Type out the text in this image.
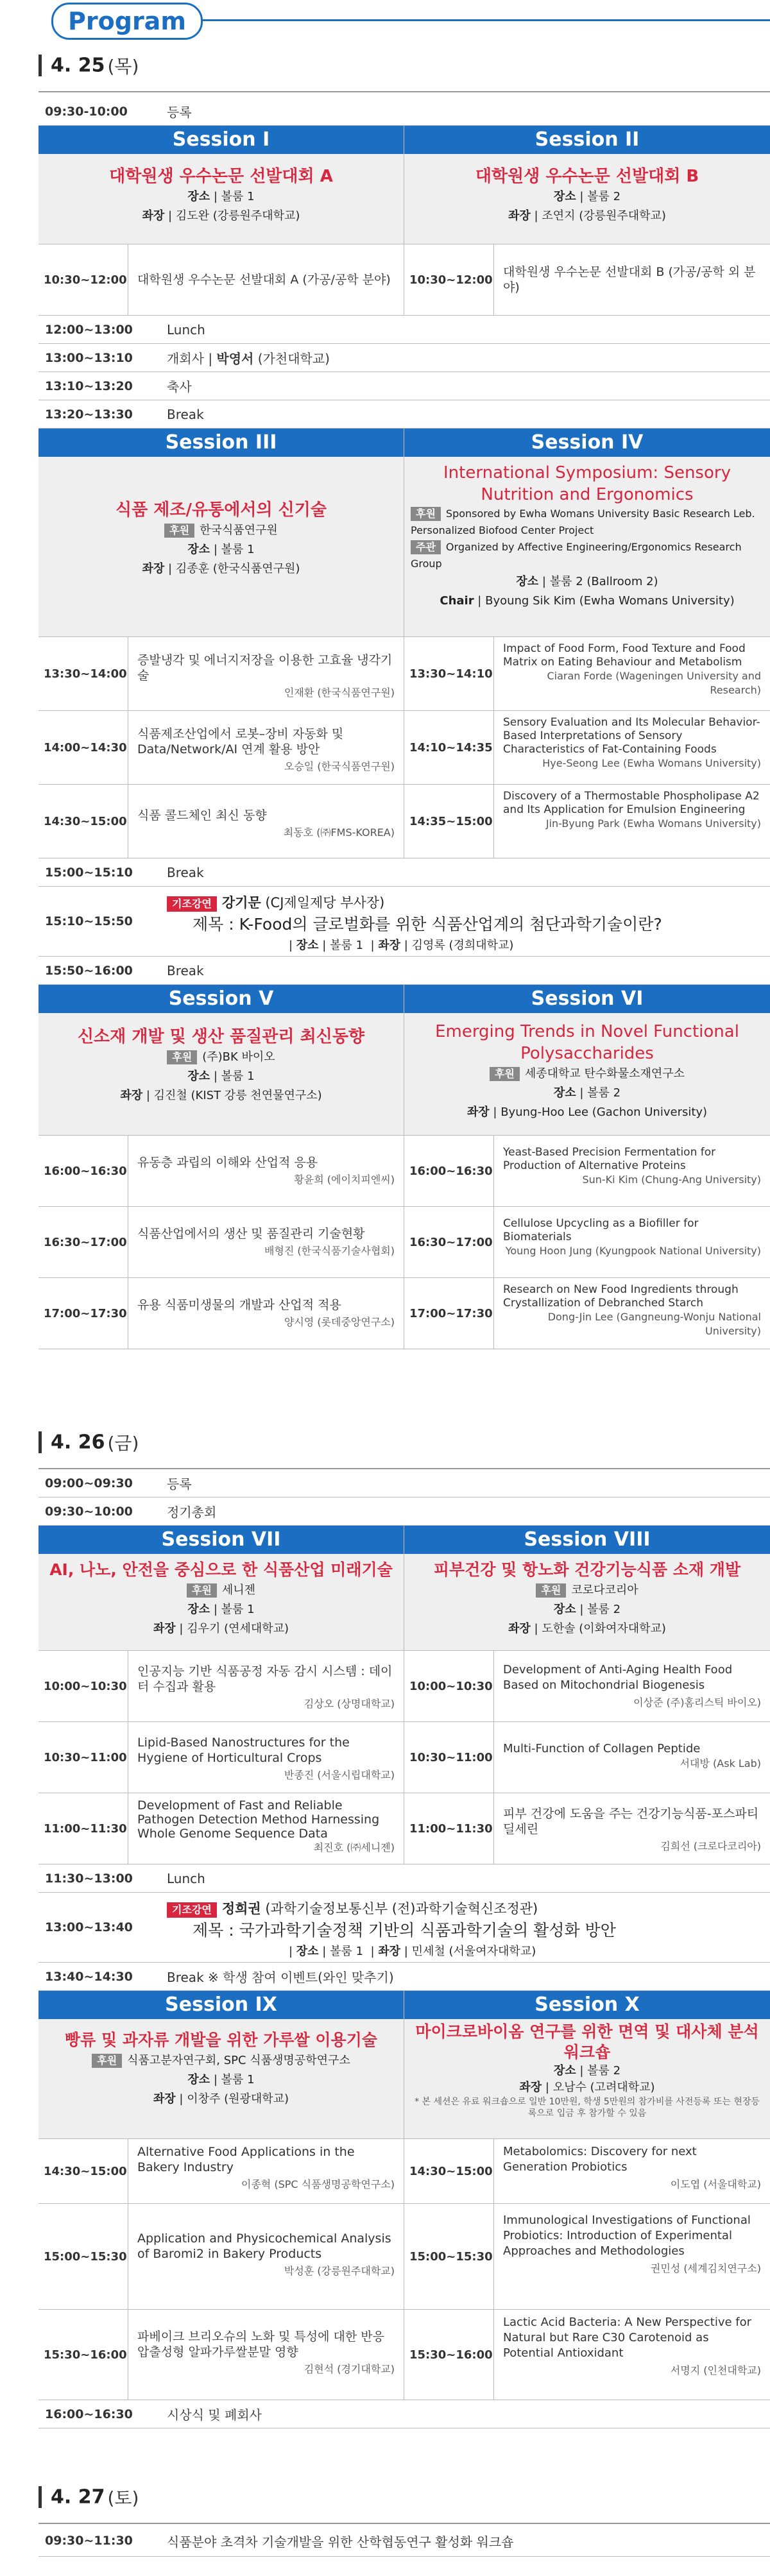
Program
4. 25 (목)
09:30-10:00	등록
Session I
대학원생 우수논문 선발대회 A
장소 | 볼룸 1
좌장 | 김도완 (강릉원주대학교)
10:30~12:00 대학원생 우수논문 선발대회 A (가공/공학 분야)
Session II
대학원생 우수논문 선발대회 B
장소 | 볼룸 2
좌장 | 조연지 (강릉원주대학교)
10:30~12:00
대학원생 우수논문 선발대회 B (가공/공학 외 분야)
12:00~13:00	Lunch
13:00~13:10	개회사 | 박영서 (가천대학교)
13:10~13:20	축사
13:20~13:30	Break
Session III
식품 제조/유통에서의 신기술
후원 한국식품연구원
장소 | 볼룸 1
좌장 | 김종훈 (한국식품연구원)
13:30~14:00
증발냉각 및 에너지저장을 이용한 고효율 냉각기술
인재환 (한국식품연구원)
14:00~14:30
식품제조산업에서 로봇–장비 자동화 및 Data/Network/AI 연계 활용 방안
오승일 (한국식품연구원)
14:30~15:00 식품 콜드체인 최신 동향
최동호 (㈜FMS-KOREA)
Session IV
International Symposium: Sensory Nutrition and Ergonomics
후원 Sponsored by Ewha Womans University Basic Research Leb. Personalized Biofood Center Project
주관 Organized by Affective Engineering/Ergonomics Research Group
장소 | 볼룸 2 (Ballroom 2)
Chair | Byoung Sik Kim (Ewha Womans University)
13:30~14:10
Impact of Food Form, Food Texture and Food Matrix on Eating Behaviour and Metabolism
Ciaran Forde (Wageningen University and Research)
14:10~14:35
Sensory Evaluation and Its Molecular Behavior-Based Interpretations of Sensory Characteristics of Fat-Containing Foods
Hye-Seong Lee (Ewha Womans University)
14:35~15:00
Discovery of a Thermostable Phospholipase A2 and Its Application for Emulsion Engineering
Jin-Byung Park (Ewha Womans University)
15:00~15:10	Break
15:10~15:50
기조강연 강기문 (CJ제일제당 부사장)
제목 : K-Food의 글로벌화를 위한 식품산업계의 첨단과학기술이란?
| 장소 | 볼룸 1  | 좌장 | 김영록 (경희대학교)
15:50~16:00	Break
Session V
신소재 개발 및 생산 품질관리 최신동향
후원 (주)BK 바이오
장소 | 볼룸 1
좌장 | 김진철 (KIST 강릉 천연물연구소)
16:00~16:30
유동층 과립의 이해와 산업적 응용
황윤희 (에이치피엔씨)
16:30~17:00
식품산업에서의 생산 및 품질관리 기술현황
배형진 (한국식품기술사협회)
17:00~17:30
유용 식품미생물의 개발과 산업적 적용
양시영 (롯데중앙연구소)
Session VI
Emerging Trends in Novel Functional Polysaccharides
후원 세종대학교 탄수화물소재연구소
장소 | 볼룸 2
좌장 | Byung-Hoo Lee (Gachon University)
16:00~16:30
Yeast-Based Precision Fermentation for Production of Alternative Proteins
Sun-Ki Kim (Chung-Ang University)
16:30~17:00
Cellulose Upcycling as a Biofiller for Biomaterials
Young Hoon Jung (Kyungpook National University)
17:00~17:30
Research on New Food Ingredients through Crystallization of Debranched Starch
Dong-Jin Lee (Gangneung-Wonju National University)
4. 26 (금)
09:00~09:30	등록
09:30~10:00	정기총회
Session VII
AI, 나노, 안전을 중심으로 한 식품산업 미래기술
후원 세니젠
장소 | 볼룸 1
좌장 | 김우기 (연세대학교)
10:00~10:30
인공지능 기반 식품공정 자동 감시 시스템 : 데이터 수집과 활용
김상오 (상명대학교)
10:30~11:00
Lipid-Based Nanostructures for the Hygiene of Horticultural Crops
반종진 (서울시립대학교)
11:00~11:30
Development of Fast and Reliable Pathogen Detection Method Harnessing Whole Genome Sequence Data
최진호 (㈜세니젠)
Session VIII
피부건강 및 항노화 건강기능식품 소재 개발
후원 코로다코리아
장소 | 볼룸 2
좌장 | 도한솔 (이화여자대학교)
10:00~10:30
Development of Anti-Aging Health Food Based on Mitochondrial Biogenesis
이상준 (주)홈리스틱 바이오)
10:30~11:00
Multi-Function of Collagen Peptide
서대방 (Ask Lab)
11:00~11:30
피부 건강에 도움을 주는 건강기능식품-포스파티딜세린
김희선 (크로다코리아)
11:30~13:00	Lunch
13:00~13:40
기조강연 정희권 (과학기술정보통신부 (전)과학기술혁신조정관)
제목 : 국가과학기술정책 기반의 식품과학기술의 활성화 방안
| 장소 | 볼룸 1  | 좌장 | 민세철 (서울여자대학교)
13:40~14:30	Break ※ 학생 참여 이벤트(와인 맞추기)
Session IX
빵류 및 과자류 개발을 위한 가루쌀 이용기술
후원 식품고분자연구회, SPC 식품생명공학연구소
장소 | 볼룸 1
좌장 | 이창주 (원광대학교)
14:30~15:00
Alternative Food Applications in the Bakery Industry
이종혁 (SPC 식품생명공학연구소)
15:00~15:30
Application and Physicochemical Analysis of Baromi2 in Bakery Products
박성훈 (강릉원주대학교)
15:30~16:00
파베이크 브리오슈의 노화 및 특성에 대한 반응압출성형 알파가루쌀분말 영향
김현석 (경기대학교)
Session X
마이크로바이옴 연구를 위한 면역 및 대사체 분석 워크숍
장소 | 볼룸 2
좌장 | 오남수 (고려대학교)
* 본 세션은 유료 워크숍으로 일반 10만원, 학생 5만원의 참가비를 사전등록 또는 현장등록으로 입금 후 참가할 수 있음
14:30~15:00
Metabolomics: Discovery for next Generation Probiotics
이도엽 (서울대학교)
15:00~15:30
Immunological Investigations of Functional Probiotics: Introduction of Experimental Approaches and Methodologies
권민성 (세계김치연구소)
15:30~16:00
Lactic Acid Bacteria: A New Perspective for Natural but Rare C30 Carotenoid as Potential Antioxidant
서명지 (인천대학교)
16:00~16:30	시상식 및 폐회사
4. 27 (토)
09:30~11:30	식품분야 초격차 기술개발을 위한 산학협동연구 활성화 워크숍
